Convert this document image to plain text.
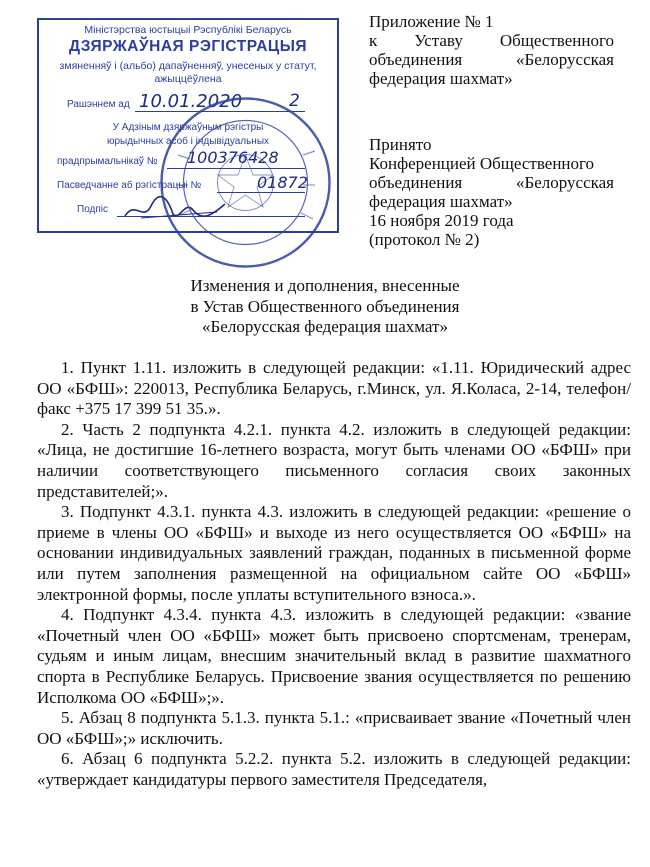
Міністэрства юстыцыі Рэспублікі Беларусь
ДЗЯРЖАЎНАЯ РЭГІСТРАЦЫЯ
змяненняў і (альбо) дапаўненняў, унесеных у статут,
ажыццёўлена
Рашэннем ад 10.01.2020	2
У Адзіным дзяржаўным рэгістры
юрыдычных асоб і індывідуальных
прадпрымальнікаў № 100376428
Пасведчанне аб рэгістрацыі №	01872
Подпіс
Приложение № 1
к Уставу Общественного
объединения «Белорусская
федерация шахмат»
Принято
Конференцией Общественного
объединения «Белорусская
федерация шахмат»
16 ноября 2019 года
(протокол № 2)
Изменения и дополнения, внесенные
в Устав Общественного объединения
«Белорусская федерация шахмат»

1. Пункт 1.11. изложить в следующей редакции: «1.11. Юридический адрес ОО «БФШ»: 220013, Республика Беларусь, г.Минск, ул. Я.Коласа, 2-14, телефон/факс +375 17 399 51 35.».

2. Часть 2 подпункта 4.2.1. пункта 4.2. изложить в следующей редакции: «Лица, не достигшие 16-летнего возраста, могут быть членами ОО «БФШ» при наличии соответствующего письменного согласия своих законных представителей;».

3. Подпункт 4.3.1. пункта 4.3. изложить в следующей редакции: «решение о приеме в члены ОО «БФШ» и выходе из него осуществляется ОО «БФШ» на основании индивидуальных заявлений граждан, поданных в письменной форме или путем заполнения размещенной на официальном сайте ОО «БФШ» электронной формы, после уплаты вступительного взноса.».

4. Подпункт 4.3.4. пункта 4.3. изложить в следующей редакции: «звание «Почетный член ОО «БФШ» может быть присвоено спортсменам, тренерам, судьям и иным лицам, внесшим значительный вклад в развитие шахматного спорта в Республике Беларусь. Присвоение звания осуществляется по решению Исполкома ОО «БФШ»;».

5. Абзац 8 подпункта 5.1.3. пункта 5.1.: «присваивает звание «Почетный член ОО «БФШ»;» исключить.

6. Абзац 6 подпункта 5.2.2. пункта 5.2. изложить в следующей редакции: «утверждает кандидатуры первого заместителя Председателя,
